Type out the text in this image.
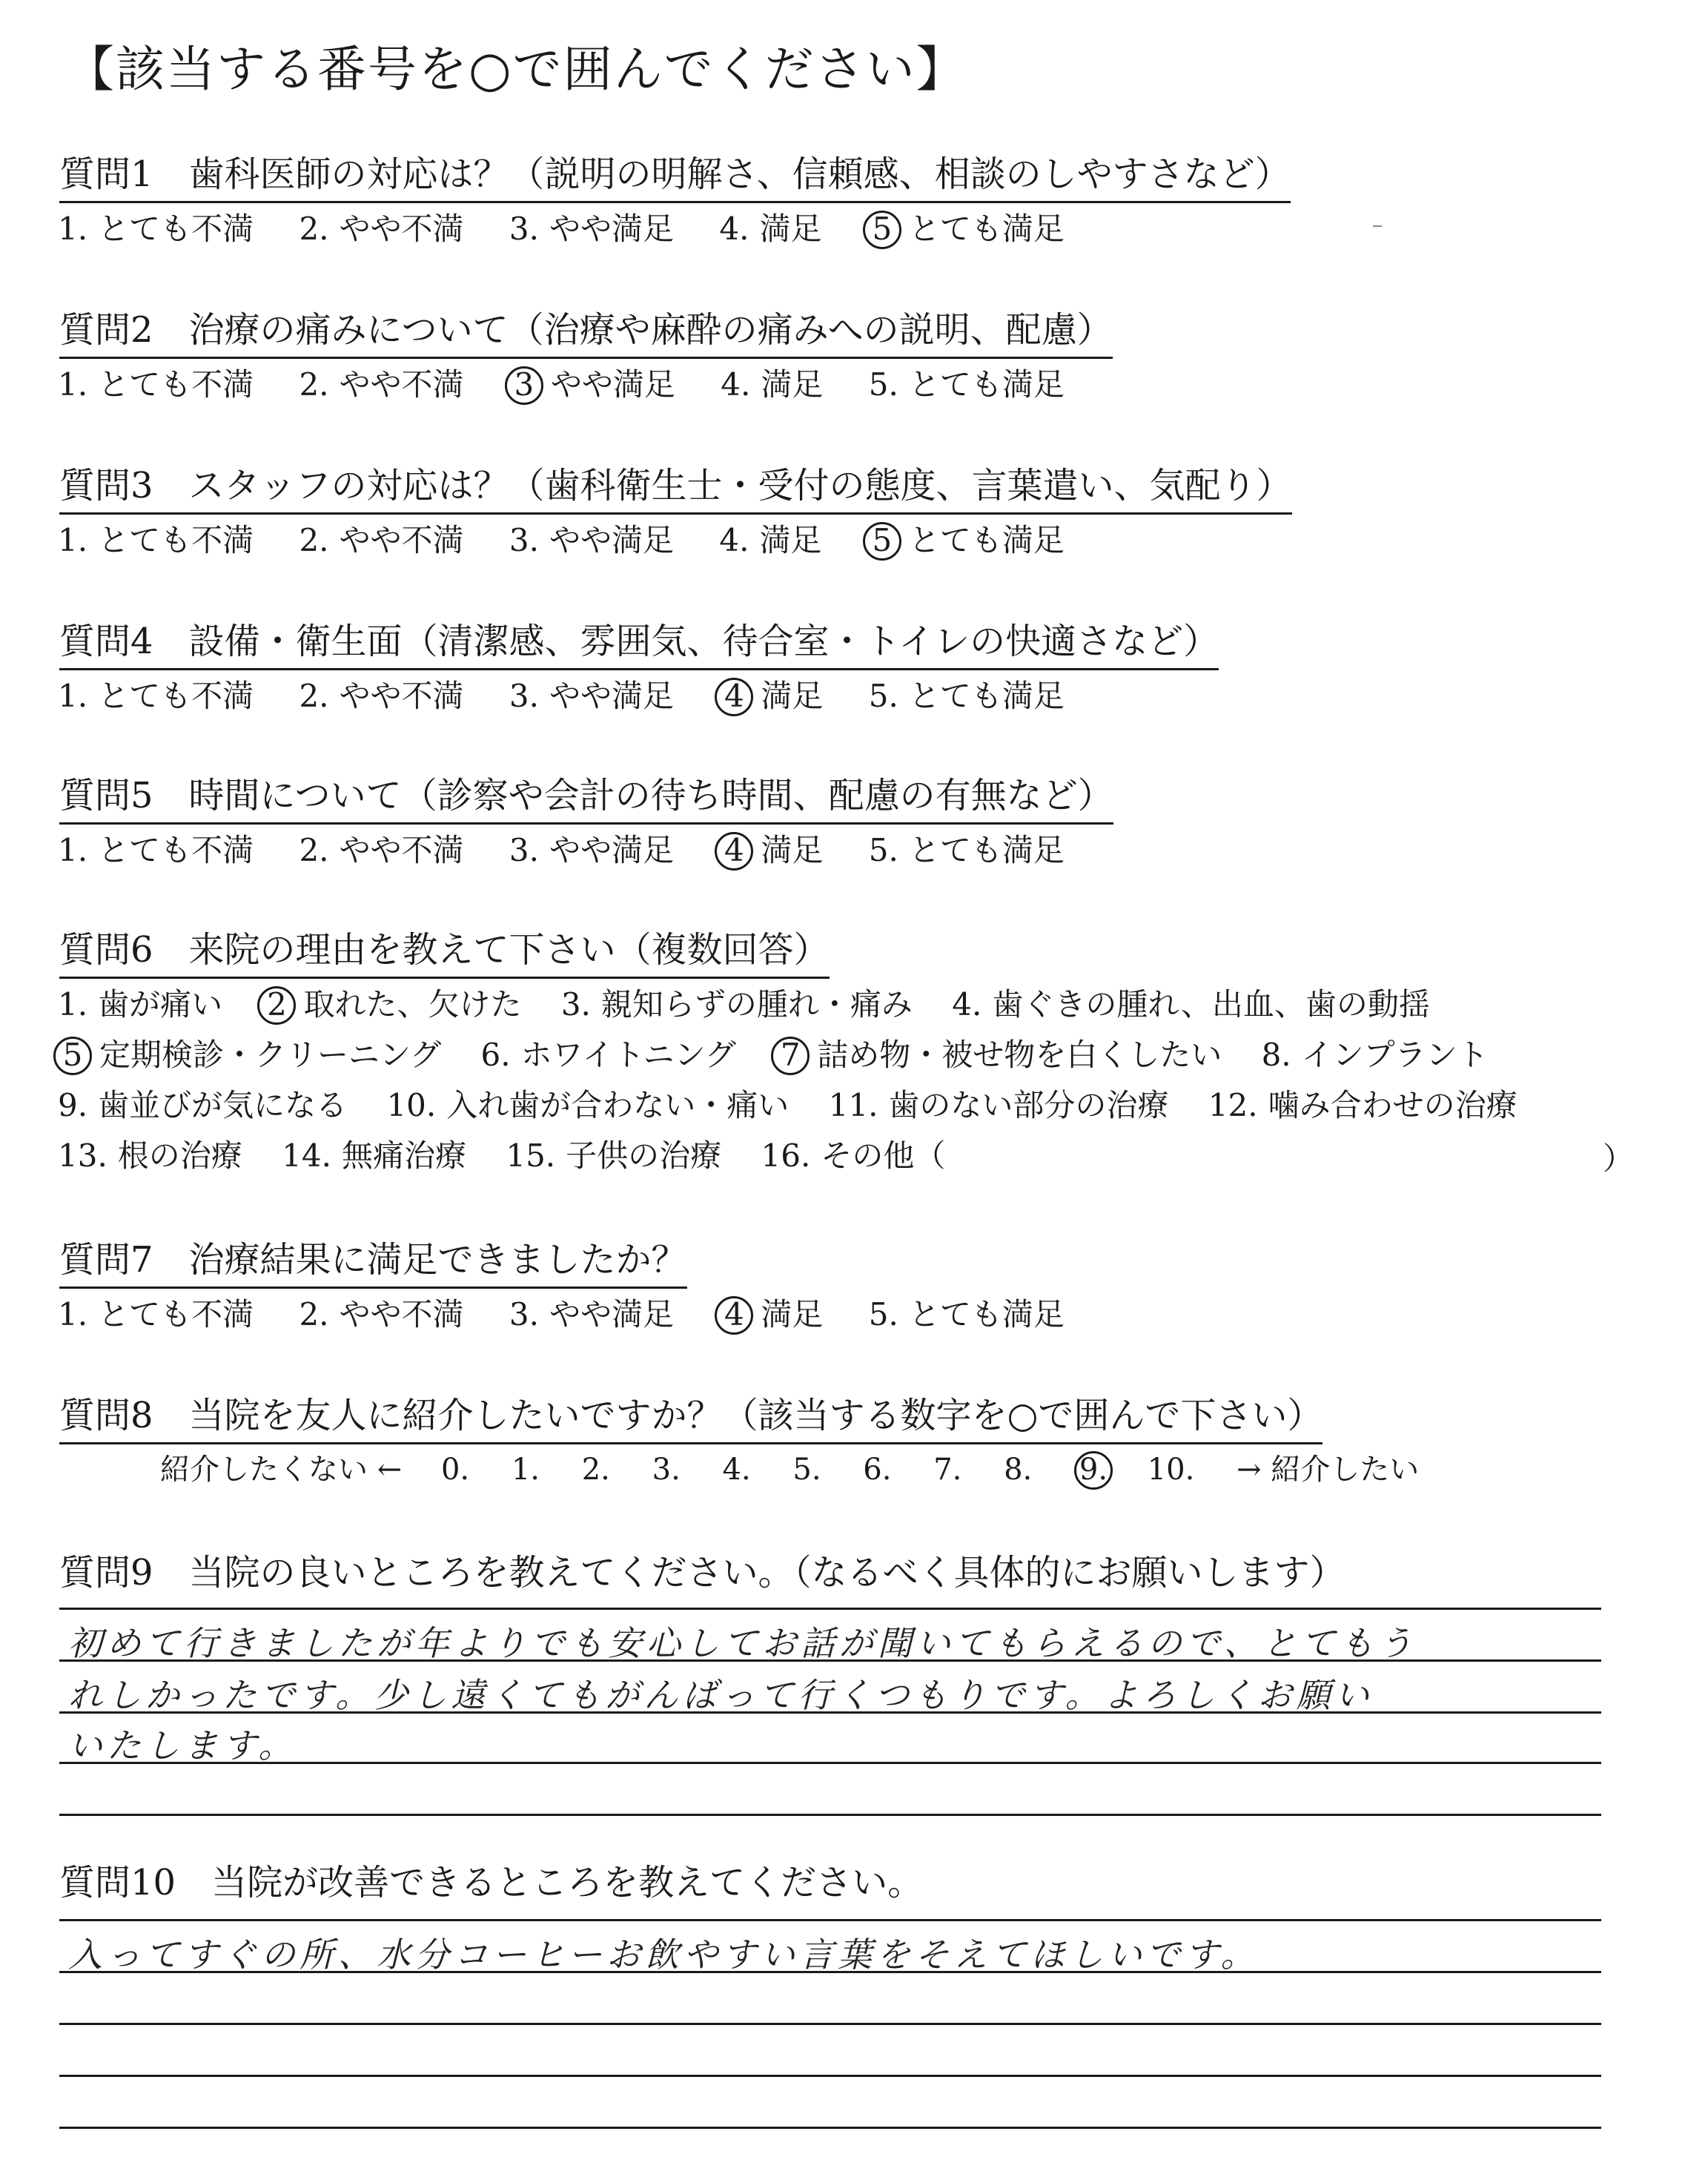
【該当する番号を○で囲んでください】
質問1　歯科医師の対応は？（説明の明解さ、信頼感、相談のしやすさなど）
1. とても不満 2. やや不満 3. やや満足 4. 満足 5 とても満足
質問2　治療の痛みについて（治療や麻酔の痛みへの説明、配慮）
1. とても不満 2. やや不満 3 やや満足 4. 満足 5. とても満足
質問3　スタッフの対応は？（歯科衛生士・受付の態度、言葉遣い、気配り）
1. とても不満 2. やや不満 3. やや満足 4. 満足 5 とても満足
質問4　設備・衛生面（清潔感、雰囲気、待合室・トイレの快適さなど）
1. とても不満 2. やや不満 3. やや満足 4 満足 5. とても満足
質問5　時間について（診察や会計の待ち時間、配慮の有無など）
1. とても不満 2. やや不満 3. やや満足 4 満足 5. とても満足
質問6　来院の理由を教えて下さい（複数回答）
1. 歯が痛い 2 取れた、欠けた 3. 親知らずの腫れ・痛み 4. 歯ぐきの腫れ、出血、歯の動揺
5 定期検診・クリーニング 6. ホワイトニング 7 詰め物・被せ物を白くしたい 8. インプラント
9. 歯並びが気になる 10. 入れ歯が合わない・痛い 11. 歯のない部分の治療 12. 噛み合わせの治療
13. 根の治療 14. 無痛治療 15. 子供の治療 16. その他（	）
質問7　治療結果に満足できましたか？
1. とても不満 2. やや不満 3. やや満足 4 満足 5. とても満足
質問8　当院を友人に紹介したいですか？（該当する数字を○で囲んで下さい）
紹介したくない ← 0. 1. 2. 3. 4. 5. 6. 7. 8. 9. 10. → 紹介したい
質問9　当院の良いところを教えてください。（なるべく具体的にお願いします）
初めて行きましたが年よりでも安心してお話が聞いてもらえるので、とてもう
れしかったです。少し遠くてもがんばって行くつもりです。よろしくお願い
いたします。
質問10　当院が改善できるところを教えてください。
入ってすぐの所、水分コーヒーお飲やすい言葉をそえてほしいです。
